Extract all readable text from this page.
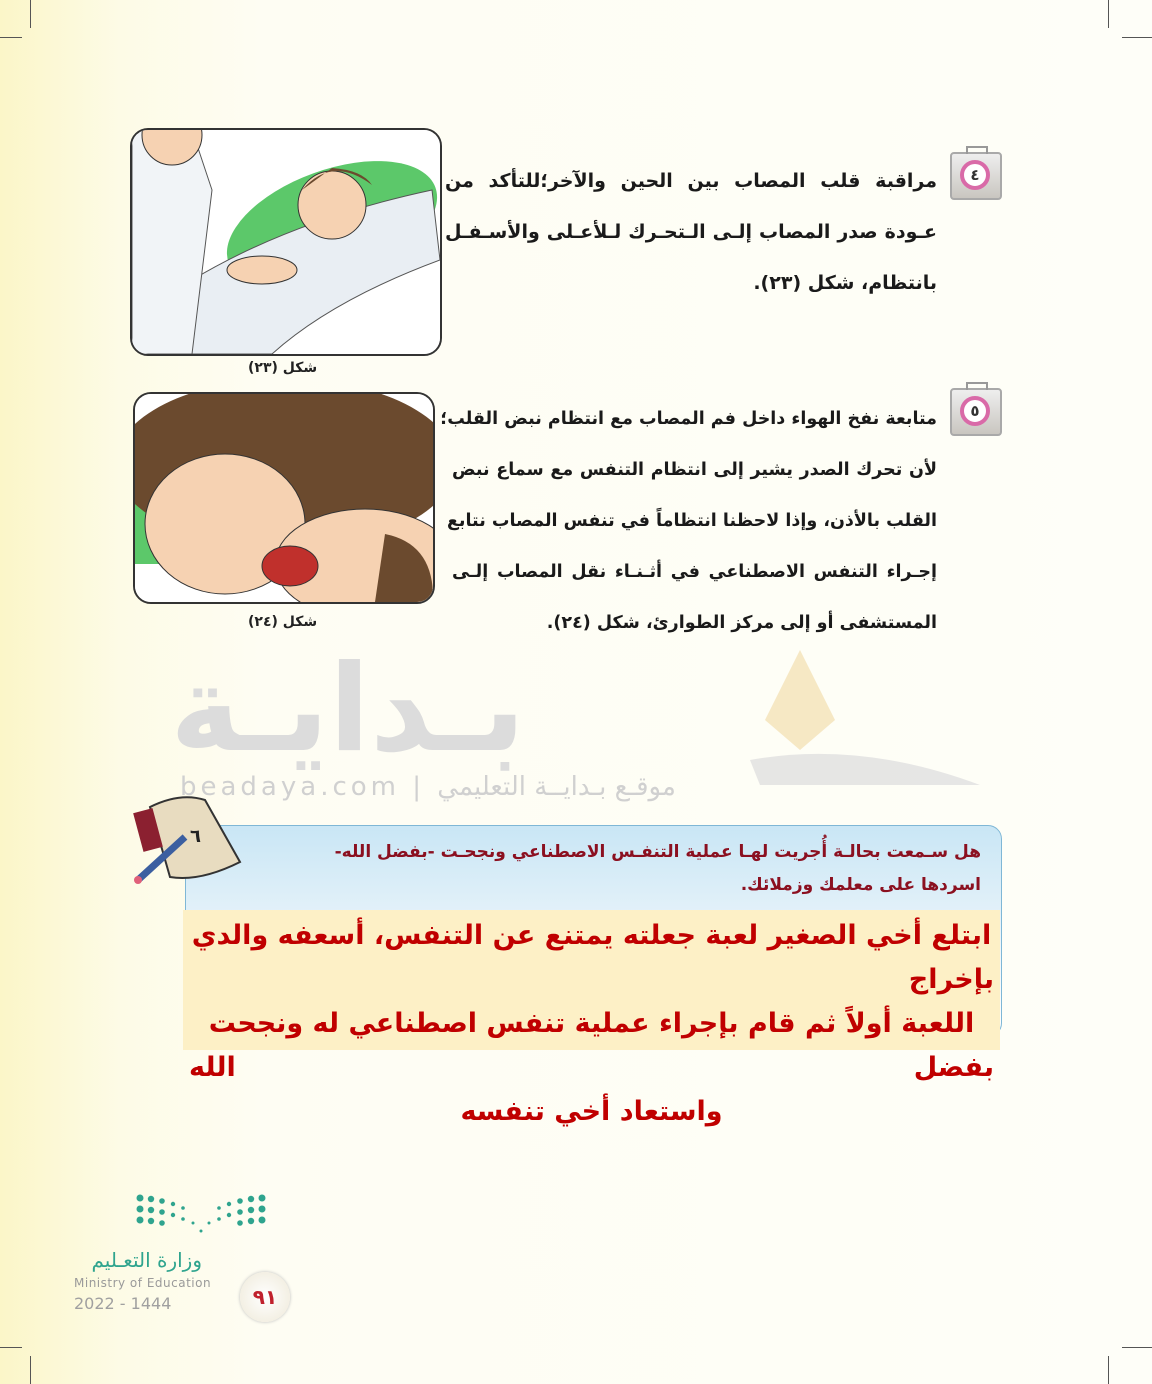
بـدايـة
beadaya.com | موقـع بـدايــة التعليمي
٤
مراقبة قلب المصاب بين الحين والآخر؛للتأكد من
عـودة صدر المصاب إلـى الـتحـرك لـلأعـلى والأسـفـل
بانتظام، شكل (٢٣).
شكل (٢٣)
٥
متابعة نفخ الهواء داخل فم المصاب مع انتظام نبض القلب؛
لأن تحرك الصدر يشير إلى انتظام التنفس مع سماع نبض
القلب بالأذن، وإذا لاحظنا انتظاماً في تنفس المصاب نتابع
إجـراء التنفس الاصطناعي في أثـنـاء نقل المصاب إلـى
المستشفى أو إلى مركز الطوارئ، شكل (٢٤).
شكل (٢٤)
هل سـمعت بحالـة أُجريت لهـا عملية التنفـس الاصطناعي ونجحـت -بفضل الله-
اسردها على معلمك وزملائك.
٦
ابتلع أخي الصغير لعبة جعلته يمتنع عن التنفس، أسعفه والدي بإخراج
اللعبة أولاً ثم قام بإجراء عملية تنفس اصطناعي له ونجحت بفضل الله
واستعاد أخي تنفسه
٩١
وزارة التعـليم
Ministry of Education
2022 - 1444
